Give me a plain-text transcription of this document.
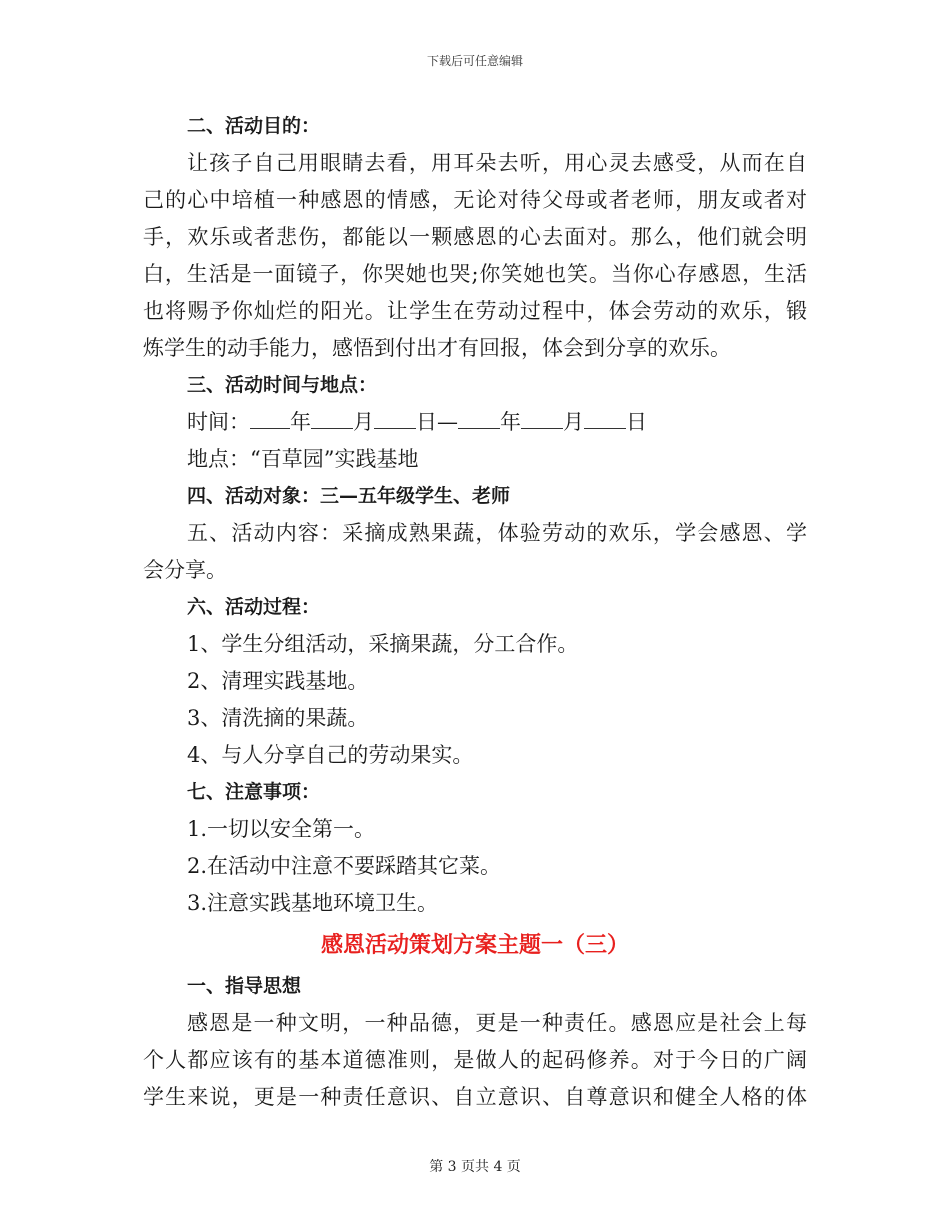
下载后可任意编辑
二、活动目的：
让孩子自己用眼睛去看，用耳朵去听，用心灵去感受，从而在自
己的心中培植一种感恩的情感，无论对待父母或者老师，朋友或者对
手，欢乐或者悲伤，都能以一颗感恩的心去面对。那么，他们就会明
白，生活是一面镜子，你哭她也哭;你笑她也笑。当你心存感恩，生活
也将赐予你灿烂的阳光。让学生在劳动过程中，体会劳动的欢乐，锻
炼学生的动手能力，感悟到付出才有回报，体会到分享的欢乐。
三、活动时间与地点：
时间： 年 月 日— 年 月 日
地点：“百草园”实践基地
四、活动对象：三—五年级学生、老师
五、活动内容：采摘成熟果蔬，体验劳动的欢乐，学会感恩、学
会分享。
六、活动过程：
1、学生分组活动，采摘果蔬，分工合作。
2、清理实践基地。
3、清洗摘的果蔬。
4、与人分享自己的劳动果实。
七、注意事项：
1.一切以安全第一。
2.在活动中注意不要踩踏其它菜。
3.注意实践基地环境卫生。
感恩活动策划方案主题一（三）
一、指导思想
感恩是一种文明，一种品德，更是一种责任。感恩应是社会上每
个人都应该有的基本道德准则，是做人的起码修养。对于今日的广阔
学生来说，更是一种责任意识、自立意识、自尊意识和健全人格的体
第 3 页共 4 页
